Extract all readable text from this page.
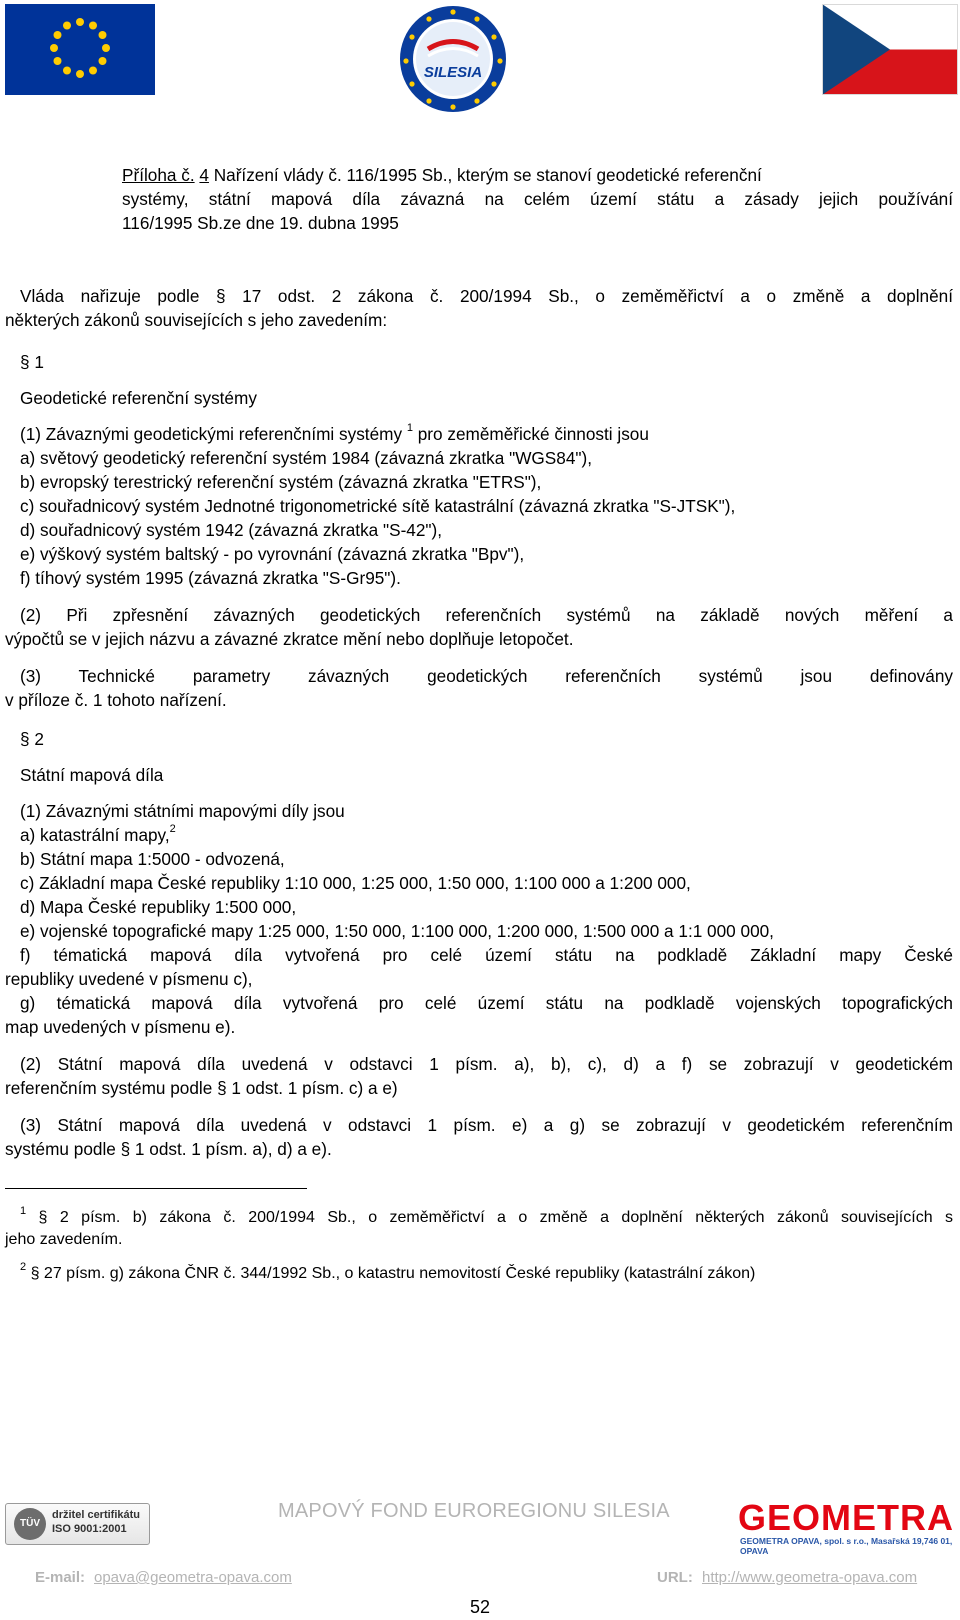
SILESIA
Příloha č. 4 Nařízení vlády č. 116/1995 Sb., kterým se stanoví geodetické referenční
systémy, státní mapová díla závazná na celém území státu a zásady jejich používání
116/1995 Sb.ze dne 19. dubna 1995
Vláda nařizuje podle § 17 odst. 2 zákona č. 200/1994 Sb., o zeměměřictví a o změně a doplnění
některých zákonů souvisejících s jeho zavedením:
§ 1
Geodetické referenční systémy
(1) Závaznými geodetickými referenčními systémy $^1$ pro zeměměřické činnosti jsou
a) světový geodetický referenční systém 1984 (závazná zkratka "WGS84"),
b) evropský terestrický referenční systém (závazná zkratka "ETRS"),
c) souřadnicový systém Jednotné trigonometrické sítě katastrální (závazná zkratka "S-JTSK"),
d) souřadnicový systém 1942 (závazná zkratka "S-42"),
e) výškový systém baltský - po vyrovnání (závazná zkratka "Bpv"),
f) tíhový systém 1995 (závazná zkratka "S-Gr95").
(2) Při zpřesnění závazných geodetických referenčních systémů na základě nových měření a
výpočtů se v jejich názvu a závazné zkratce mění nebo doplňuje letopočet.
(3) Technické parametry závazných geodetických referenčních systémů jsou definovány
v příloze č. 1 tohoto nařízení.
§ 2
Státní mapová díla
(1) Závaznými státními mapovými díly jsou
a) katastrální mapy,$^2$
b) Státní mapa 1:5000 - odvozená,
c) Základní mapa České republiky 1:10 000, 1:25 000, 1:50 000, 1:100 000 a 1:200 000,
d) Mapa České republiky 1:500 000,
e) vojenské topografické mapy 1:25 000, 1:50 000, 1:100 000, 1:200 000, 1:500 000 a 1:1 000 000,
f) tématická mapová díla vytvořená pro celé území státu na podkladě Základní mapy České
republiky uvedené v písmenu c),
g) tématická mapová díla vytvořená pro celé území státu na podkladě vojenských topografických
map uvedených v písmenu e).
(2) Státní mapová díla uvedená v odstavci 1 písm. a), b), c), d) a f) se zobrazují v geodetickém
referenčním systému podle § 1 odst. 1 písm. c) a e)
(3) Státní mapová díla uvedená v odstavci 1 písm. e) a g) se zobrazují v geodetickém referenčním
systému podle § 1 odst. 1 písm. a), d) a e).
$^1$ § 2 písm. b) zákona č. 200/1994 Sb., o zeměměřictví a o změně a doplnění některých zákonů souvisejících s
jeho zavedením.
$^2$ § 27 písm. g) zákona ČNR č. 344/1992 Sb., o katastru nemovitostí České republiky (katastrální zákon)
TÜV
držitel certifikátu
ISO 9001:2001
MAPOVÝ FOND EUROREGIONU SILESIA GEOMETRA
GEOMETRA OPAVA, spol. s r.o., Masařská 19,746 01, OPAVA
E-mail: opava@geometra-opava.com	URL: http://www.geometra-opava.com
52
